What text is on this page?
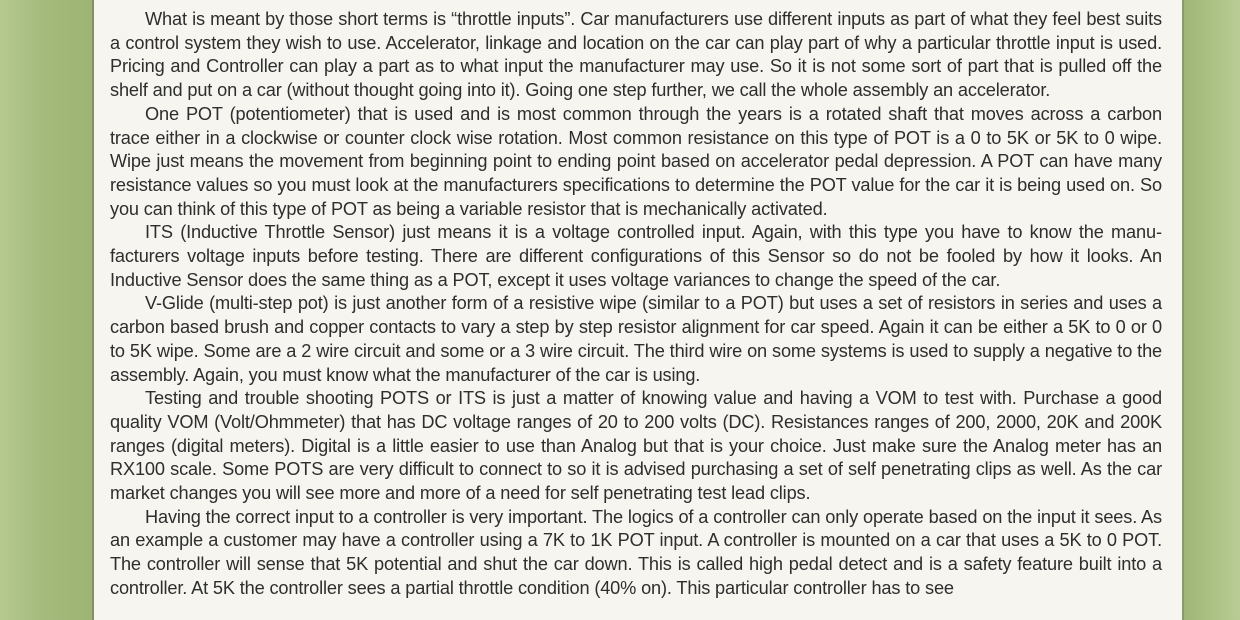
What is meant by those short terms is “throttle inputs”. Car manufacturers use different inputs as part of what they feel best suits a control system they wish to use. Accelerator, linkage and location on the car can play part of why a particular throttle input is used. Pricing and Controller can play a part as to what input the manufacturer may use. So it is not some sort of part that is pulled off the shelf and put on a car (without thought going into it). Going one step further, we call the whole assembly an accelerator.

One POT (potentiometer) that is used and is most common through the years is a rotated shaft that moves across a carbon trace either in a clockwise or counter clock wise rotation. Most common resistance on this type of POT is a 0 to 5K or 5K to 0 wipe. Wipe just means the movement from beginning point to ending point based on accelerator pedal depression. A POT can have many resistance values so you must look at the manufacturers specifications to determine the POT value for the car it is being used on. So you can think of this type of POT as being a variable resistor that is mechanically activated.

ITS (Inductive Throttle Sensor) just means it is a voltage controlled input. Again, with this type you have to know the manufacturers voltage inputs before testing. There are different configurations of this Sensor so do not be fooled by how it looks. An Inductive Sensor does the same thing as a POT, except it uses voltage variances to change the speed of the car.

V-Glide (multi-step pot) is just another form of a resistive wipe (similar to a POT) but uses a set of resistors in series and uses a carbon based brush and copper contacts to vary a step by step resistor alignment for car speed. Again it can be either a 5K to 0 or 0 to 5K wipe. Some are a 2 wire circuit and some or a 3 wire circuit. The third wire on some systems is used to supply a negative to the assembly. Again, you must know what the manufacturer of the car is using.

Testing and trouble shooting POTS or ITS is just a matter of knowing value and having a VOM to test with. Purchase a good quality VOM (Volt/Ohmmeter) that has DC voltage ranges of 20 to 200 volts (DC). Resistances ranges of 200, 2000, 20K and 200K ranges (digital meters). Digital is a little easier to use than Analog but that is your choice. Just make sure the Analog meter has an RX100 scale. Some POTS are very difficult to connect to so it is advised purchasing a set of self penetrating clips as well. As the car market changes you will see more and more of a need for self penetrating test lead clips.

Having the correct input to a controller is very important. The logics of a controller can only operate based on the input it sees. As an example a customer may have a controller using a 7K to 1K POT input. A controller is mounted on a car that uses a 5K to 0 POT. The controller will sense that 5K potential and shut the car down. This is called high pedal detect and is a safety feature built into a controller. At 5K the controller sees a partial throttle condition (40% on). This particular controller has to see
